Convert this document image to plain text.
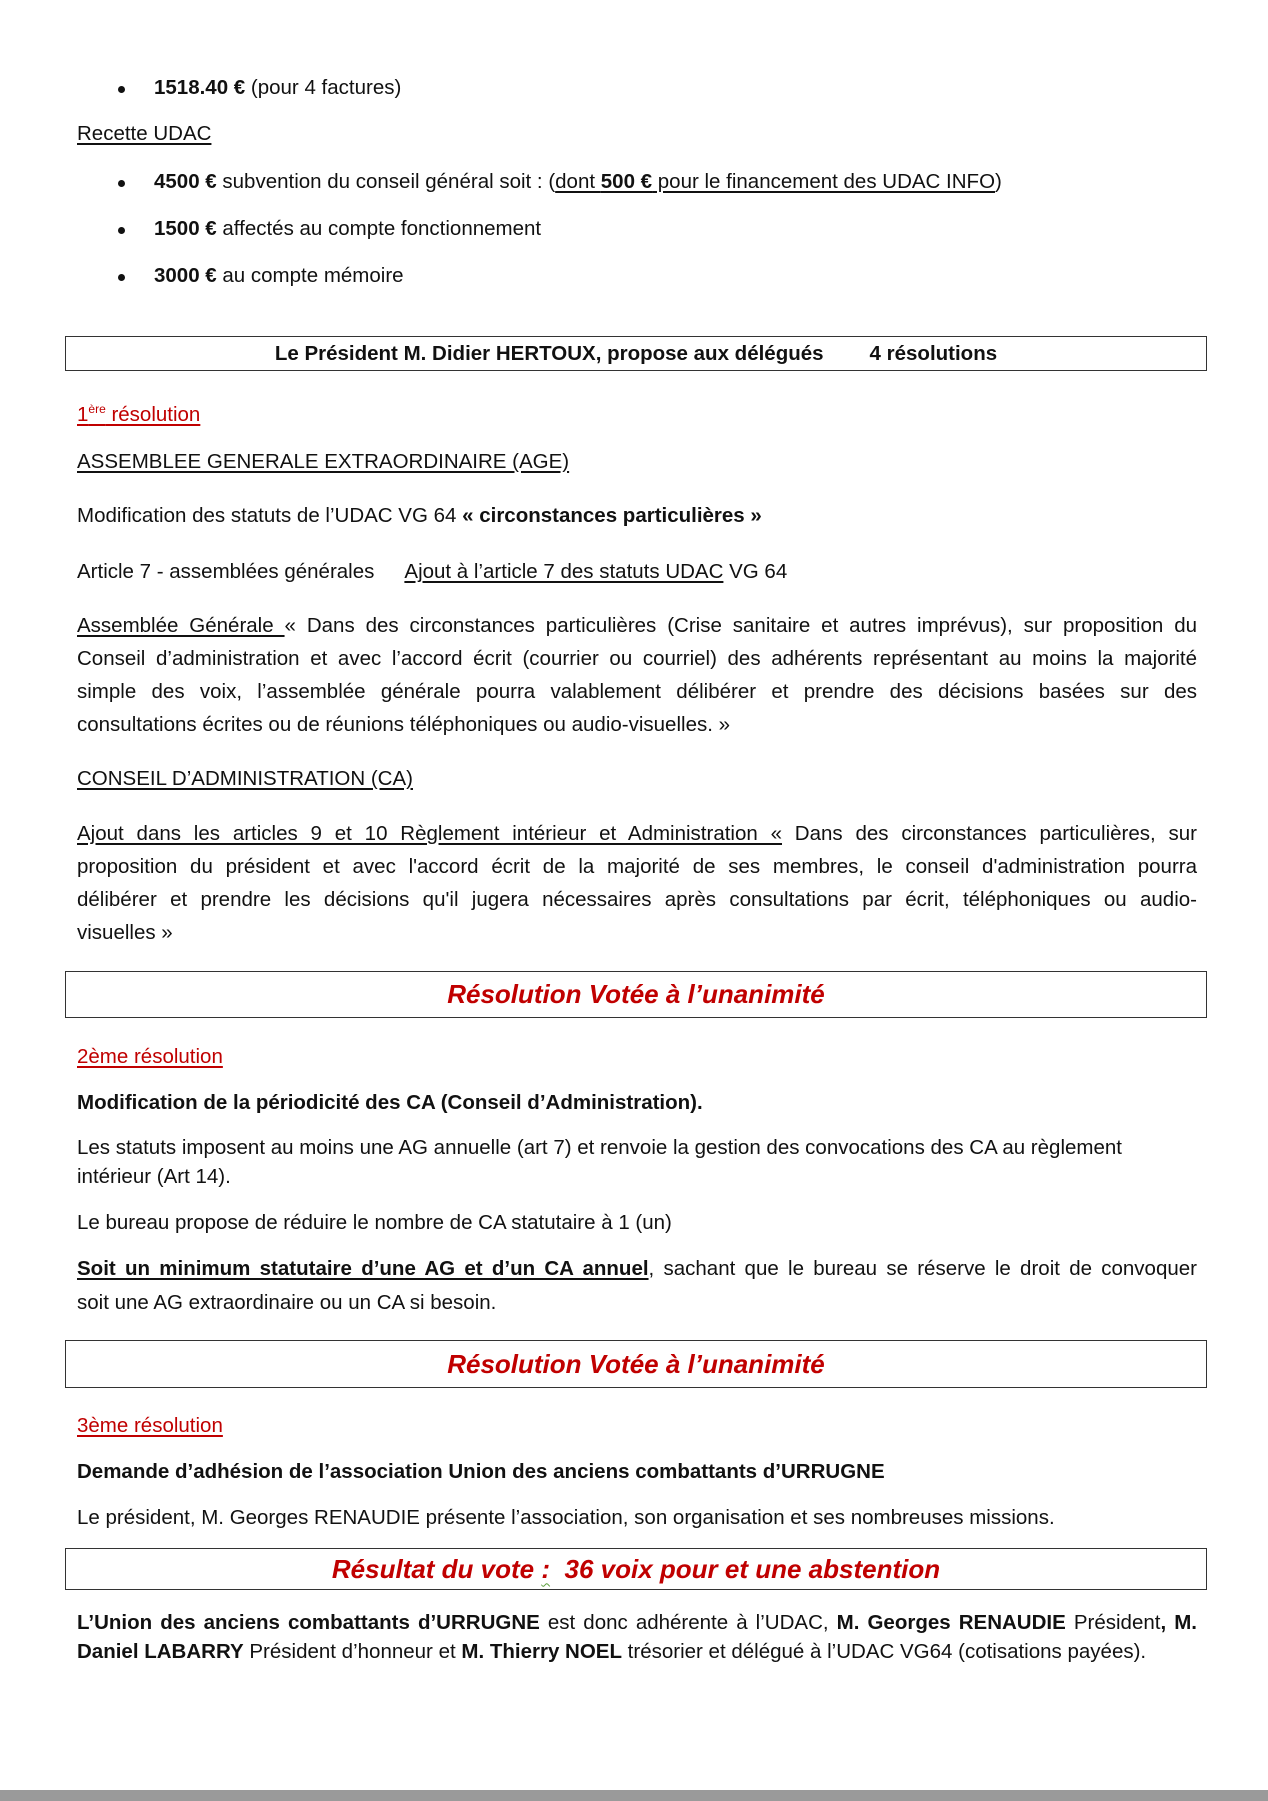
1518.40 € (pour 4 factures)
Recette UDAC
4500 € subvention du conseil général soit : (dont 500 € pour le financement des UDAC INFO)
1500 € affectés au compte fonctionnement
3000 € au compte mémoire
Le Président M. Didier HERTOUX, propose aux délégués 4 résolutions
1ère résolution
ASSEMBLEE GENERALE EXTRAORDINAIRE (AGE)
Modification des statuts de l’UDAC VG 64 « circonstances particulières »
Article 7 - assemblées générales Ajout à l’article 7 des statuts UDAC VG 64
Assemblée Générale « Dans des circonstances particulières (Crise sanitaire et autres imprévus), sur proposition du
Conseil d’administration et avec l’accord écrit (courrier ou courriel) des adhérents représentant au moins la majorité
simple des voix, l’assemblée générale pourra valablement délibérer et prendre des décisions basées sur des
consultations écrites ou de réunions téléphoniques ou audio-visuelles. »
CONSEIL D’ADMINISTRATION (CA)
Ajout dans les articles 9 et 10 Règlement intérieur et Administration « Dans des circonstances particulières, sur
proposition du président et avec l'accord écrit de la majorité de ses membres, le conseil d'administration pourra
délibérer et prendre les décisions qu'il jugera nécessaires après consultations par écrit, téléphoniques ou audio-
visuelles »
Résolution Votée à l’unanimité
2ème résolution
Modification de la périodicité des CA (Conseil d’Administration).
Les statuts imposent au moins une AG annuelle (art 7) et renvoie la gestion des convocations des CA au règlement
intérieur (Art 14).
Le bureau propose de réduire le nombre de CA statutaire à 1 (un)
Soit un minimum statutaire d’une AG et d’un CA annuel, sachant que le bureau se réserve le droit de convoquer
soit une AG extraordinaire ou un CA si besoin.
Résolution Votée à l’unanimité
3ème résolution
Demande d’adhésion de l’association Union des anciens combattants d’URRUGNE
Le président, M. Georges RENAUDIE présente l’association, son organisation et ses nombreuses missions.
Résultat du vote :  36 voix pour et une abstention
L’Union des anciens combattants d’URRUGNE est donc adhérente à l’UDAC, M. Georges RENAUDIE Président, M.
Daniel LABARRY Président d’honneur et M. Thierry NOEL trésorier et délégué à l’UDAC VG64 (cotisations payées).
